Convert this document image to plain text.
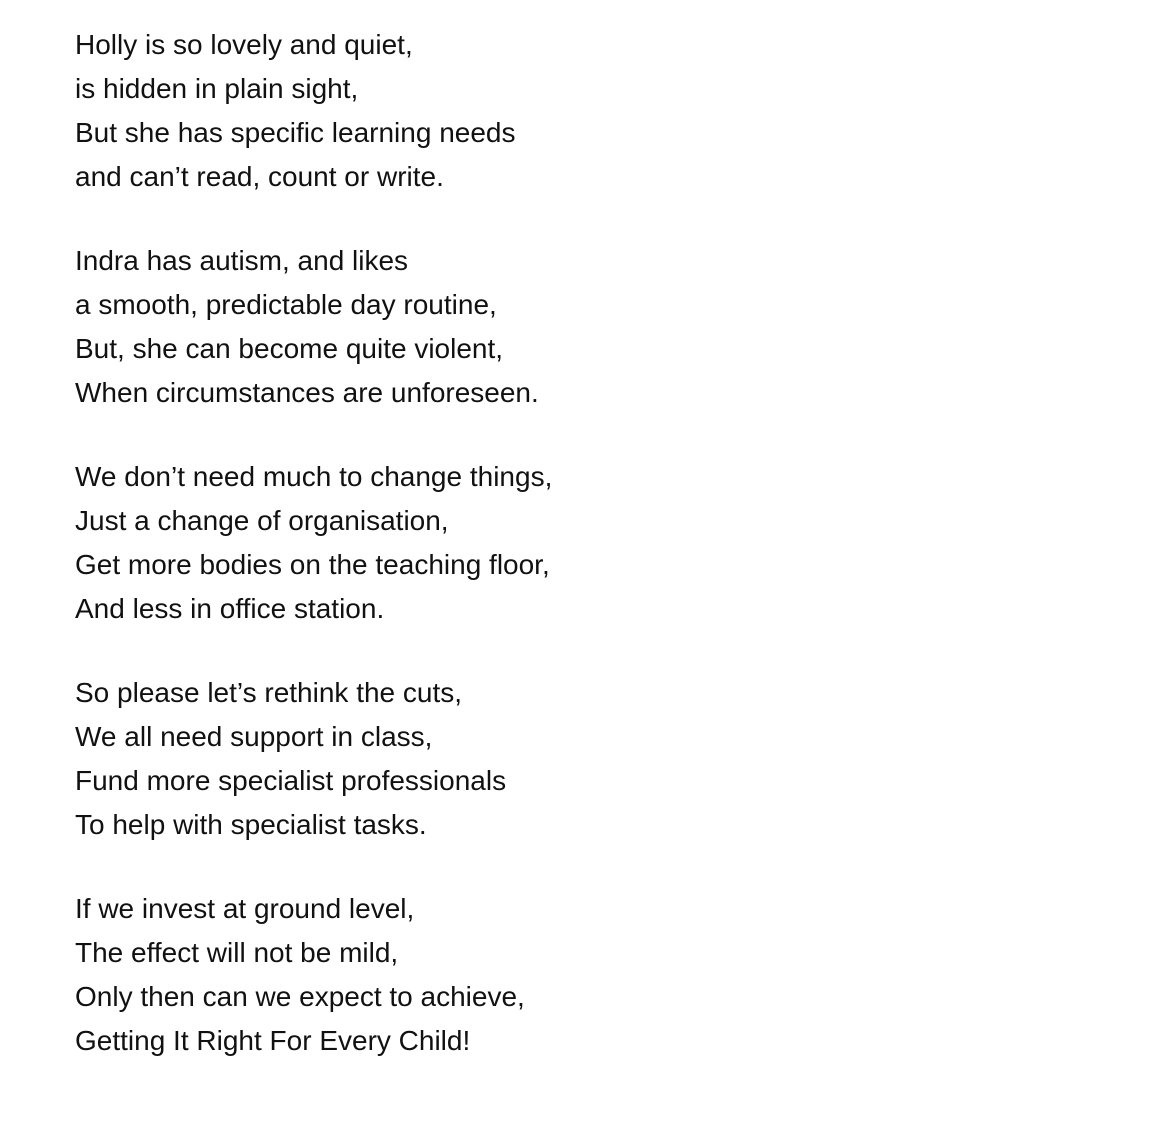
Holly is so lovely and quiet,
is hidden in plain sight,
But she has specific learning needs
and can’t read, count or write.
Indra has autism, and likes
a smooth, predictable day routine,
But, she can become quite violent,
When circumstances are unforeseen.
We don’t need much to change things,
Just a change of organisation,
Get more bodies on the teaching floor,
And less in office station.
So please let’s rethink the cuts,
We all need support in class,
Fund more specialist professionals
To help with specialist tasks.
If we invest at ground level,
The effect will not be mild,
Only then can we expect to achieve,
Getting It Right For Every Child!
